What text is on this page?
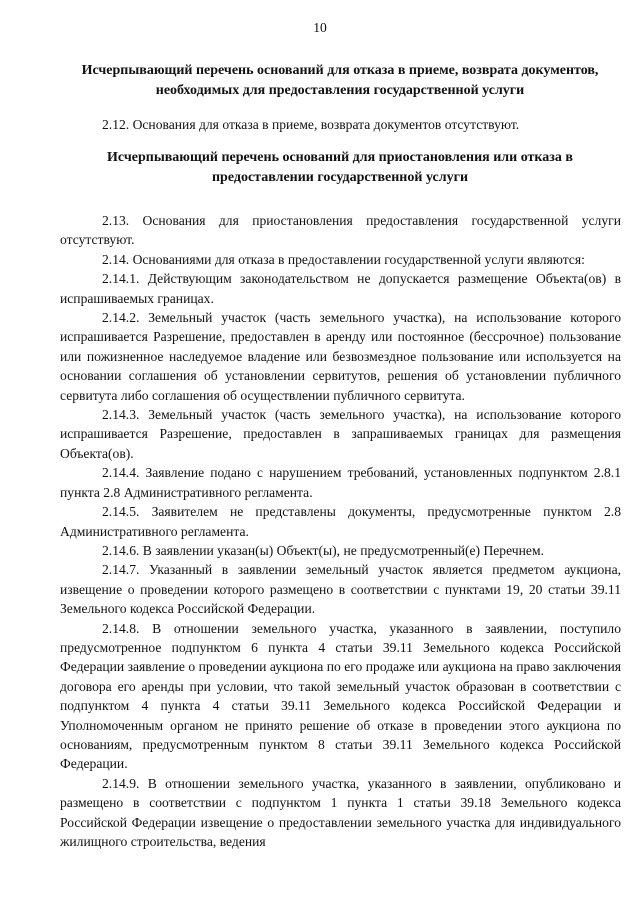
10
Исчерпывающий перечень оснований для отказа в приеме, возврата документов, необходимых для предоставления государственной услуги

2.12. Основания для отказа в приеме, возврата документов отсутствуют.

Исчерпывающий перечень оснований для приостановления или отказа в предоставлении государственной услуги

2.13. Основания для приостановления предоставления государственной услуги отсутствуют.

2.14. Основаниями для отказа в предоставлении государственной услуги являются:

2.14.1. Действующим законодательством не допускается размещение Объекта(ов) в испрашиваемых границах.

2.14.2. Земельный участок (часть земельного участка), на использование которого испрашивается Разрешение, предоставлен в аренду или постоянное (бессрочное) пользование или пожизненное наследуемое владение или безвозмездное пользование или используется на основании соглашения об установлении сервитутов, решения об установлении публичного сервитута либо соглашения об осуществлении публичного сервитута.

2.14.3. Земельный участок (часть земельного участка), на использование которого испрашивается Разрешение, предоставлен в запрашиваемых границах для размещения Объекта(ов).

2.14.4. Заявление подано с нарушением требований, установленных подпунктом 2.8.1 пункта 2.8 Административного регламента.

2.14.5. Заявителем не представлены документы, предусмотренные пунктом 2.8 Административного регламента.

2.14.6. В заявлении указан(ы) Объект(ы), не предусмотренный(е) Перечнем.

2.14.7. Указанный в заявлении земельный участок является предметом аукциона, извещение о проведении которого размещено в соответствии с пунктами 19, 20 статьи 39.11 Земельного кодекса Российской Федерации.

2.14.8. В отношении земельного участка, указанного в заявлении, поступило предусмотренное подпунктом 6 пункта 4 статьи 39.11 Земельного кодекса Российской Федерации заявление о проведении аукциона по его продаже или аукциона на право заключения договора его аренды при условии, что такой земельный участок образован в соответствии с подпунктом 4 пункта 4 статьи 39.11 Земельного кодекса Российской Федерации и Уполномоченным органом не принято решение об отказе в проведении этого аукциона по основаниям, предусмотренным пунктом 8 статьи 39.11 Земельного кодекса Российской Федерации.

2.14.9. В отношении земельного участка, указанного в заявлении, опубликовано и размещено в соответствии с подпунктом 1 пункта 1 статьи 39.18 Земельного кодекса Российской Федерации извещение о предоставлении земельного участка для индивидуального жилищного строительства, ведения
